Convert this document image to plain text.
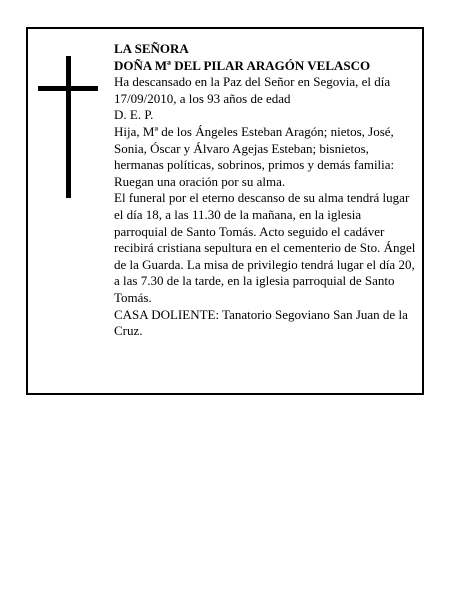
LA SEÑORA

DOÑA Mª DEL PILAR ARAGÓN VELASCO

Ha descansado en la Paz del Señor en Segovia, el día 17/09/2010, a los 93 años de edad

D. E. P.

Hija, Mª de los Ángeles Esteban Aragón; nietos, José, Sonia, Óscar y Álvaro Agejas Esteban; bisnietos, hermanas políticas, sobrinos, primos y demás familia:

Ruegan una oración por su alma.

El funeral por el eterno descanso de su alma tendrá lugar el día 18, a las 11.30 de la mañana, en la iglesia parroquial de Santo Tomás. Acto seguido el cadáver recibirá cristiana sepultura en el cementerio de Sto. Ángel de la Guarda. La misa de privilegio tendrá lugar el día 20, a las 7.30 de la tarde, en la iglesia parroquial de Santo Tomás.

CASA DOLIENTE: Tanatorio Segoviano San Juan de la Cruz.
